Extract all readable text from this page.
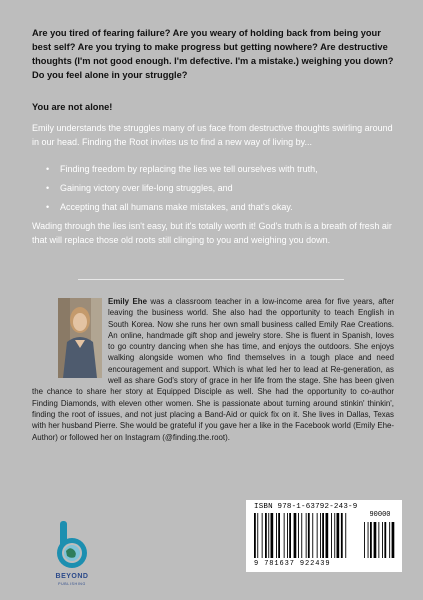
Are you tired of fearing failure? Are you weary of holding back from being your best self? Are you trying to make progress but getting nowhere? Are destructive thoughts (I'm not good enough. I'm defective. I'm a mistake.) weighing you down? Do you feel alone in your struggle?

You are not alone!

Emily understands the struggles many of us face from destructive thoughts swirling around in our head. Finding the Root invites us to find a new way of living by...

• Finding freedom by replacing the lies we tell ourselves with truth,
• Gaining victory over life-long struggles, and
• Accepting that all humans make mistakes, and that's okay.

Wading through the lies isn't easy, but it's totally worth it! God's truth is a breath of fresh air that will replace those old roots still clinging to you and weighing you down.

Emily Ehe was a classroom teacher in a low-income area for five years, after leaving the business world. She also had the opportunity to teach English in South Korea. Now she runs her own small business called Emily Rae Creations. An online, handmade gift shop and jewelry store. She is fluent in Spanish, loves to go country dancing when she has time, and enjoys the outdoors. She enjoys walking alongside women who find themselves in a tough place and need encouragement and support. Which is what led her to lead at Re-generation, as well as share God's story of grace in her life from the stage. She has been given the chance to share her story at Equipped Disciple as well. She had the opportunity to co-author Finding Diamonds, with eleven other women. She is passionate about turning around stinkin' thinkin', finding the root of issues, and not just placing a Band-Aid or quick fix on it. She lives in Dallas, Texas with her husband Pierre. She would be grateful if you gave her a like in the Facebook world (Emily Ehe-Author) or followed her on Instagram (@finding.the.root).

BEYOND
PUBLISHING
ISBN 978-1-63792-243-9
9 781637 922439
90000
